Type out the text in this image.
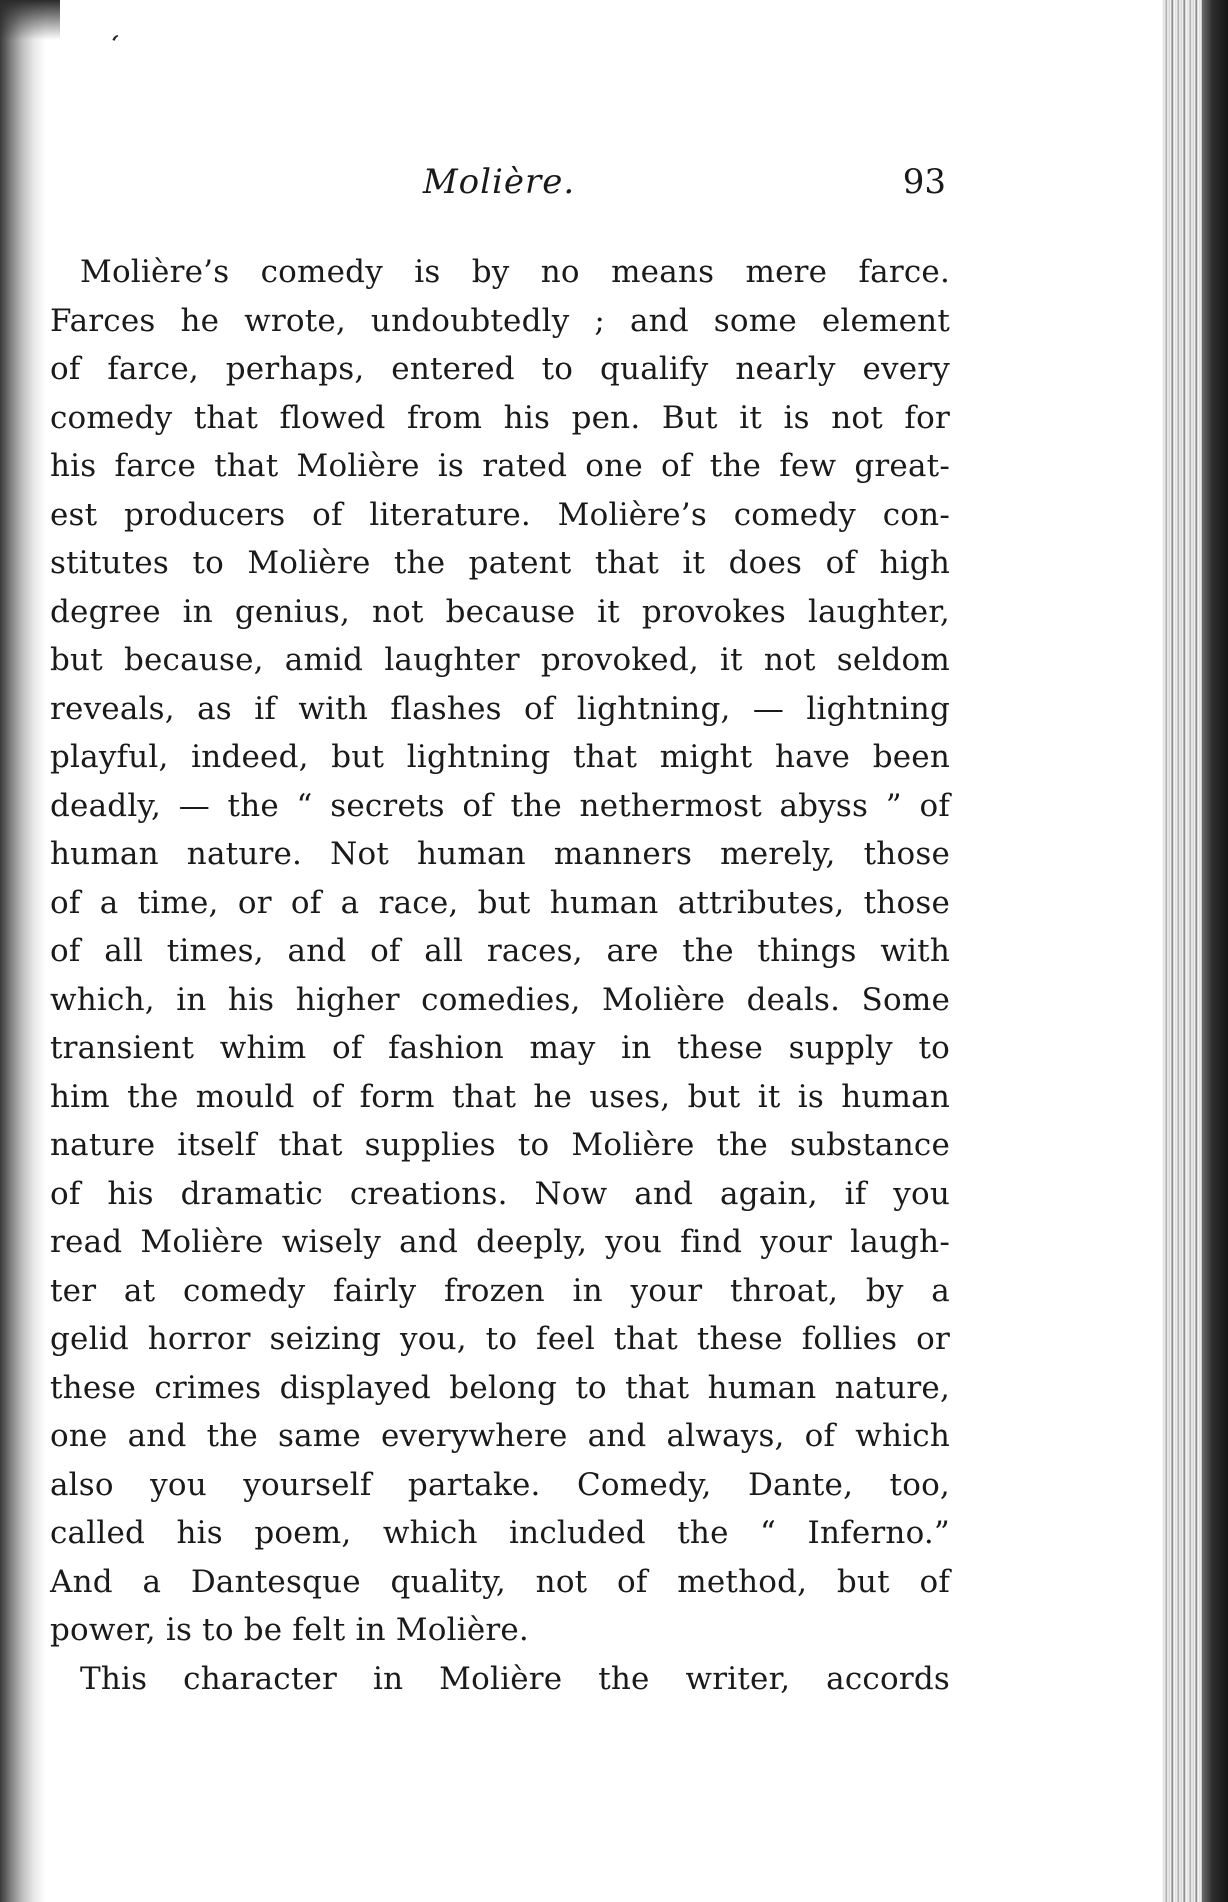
ʻ
Molière.	93
Molière’s comedy is by no means mere farce.
Farces he wrote, undoubtedly ; and some element
of farce, perhaps, entered to qualify nearly every
comedy that flowed from his pen. But it is not for
his farce that Molière is rated one of the few great-
est producers of literature. Molière’s comedy con-
stitutes to Molière the patent that it does of high
degree in genius, not because it provokes laughter,
but because, amid laughter provoked, it not seldom
reveals, as if with flashes of lightning, — lightning
playful, indeed, but lightning that might have been
deadly, — the “ secrets of the nethermost abyss ” of
human nature. Not human manners merely, those
of a time, or of a race, but human attributes, those
of all times, and of all races, are the things with
which, in his higher comedies, Molière deals. Some
transient whim of fashion may in these supply to
him the mould of form that he uses, but it is human
nature itself that supplies to Molière the substance
of his dramatic creations. Now and again, if you
read Molière wisely and deeply, you find your laugh-
ter at comedy fairly frozen in your throat, by a
gelid horror seizing you, to feel that these follies or
these crimes displayed belong to that human nature,
one and the same everywhere and always, of which
also you yourself partake. Comedy, Dante, too,
called his poem, which included the “ Inferno.”
And a Dantesque quality, not of method, but of
power, is to be felt in Molière.
This character in Molière the writer, accords
